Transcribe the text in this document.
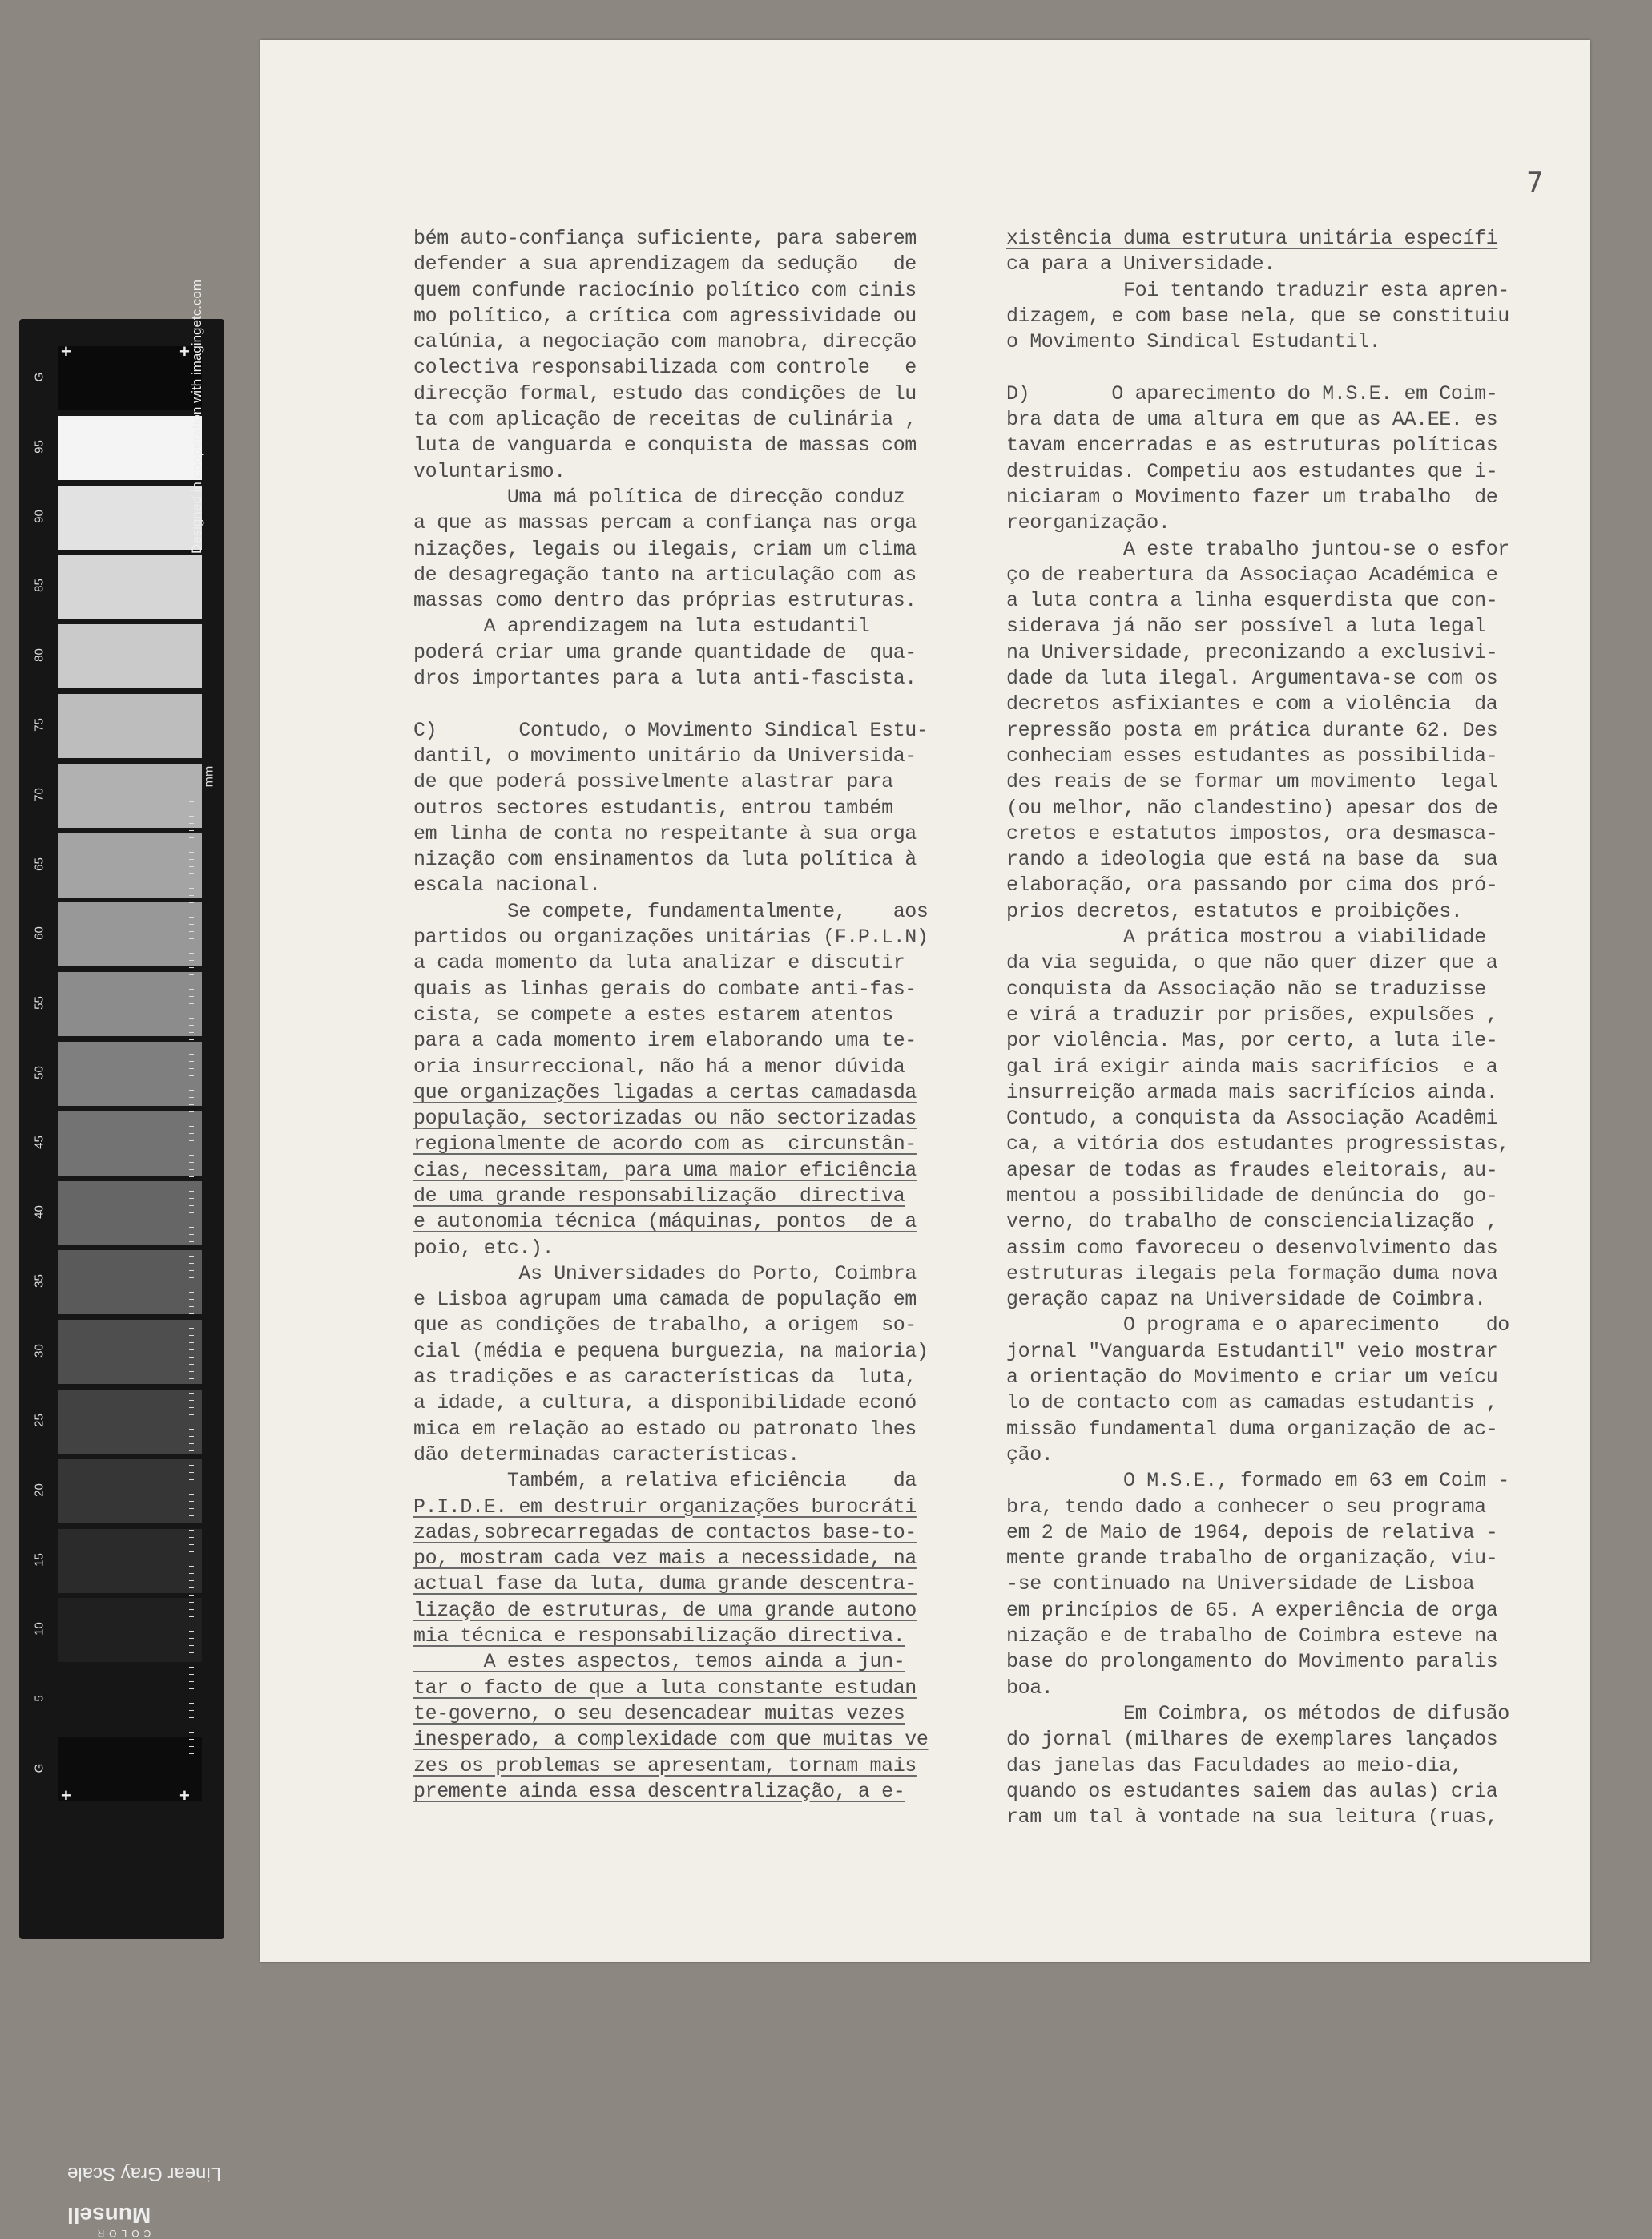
G
95
90
85
80
75
70
65
60
55
50
45
40
35
30
25
20
15
10
5
G
+	+
+	+
Linear Gray Scale
COLOR
Munsell
Designed in cooperation with imagingetc.com
mm
7
bém auto-confiança suficiente, para saberem
defender a sua aprendizagem da sedução   de
quem confunde raciocínio político com cinis
mo político, a crítica com agressividade ou
calúnia, a negociação com manobra, direcção
colectiva responsabilizada com controle   e
direcção formal, estudo das condições de lu
ta com aplicação de receitas de culinária ,
luta de vanguarda e conquista de massas com
voluntarismo.
Uma má política de direcção conduz
a que as massas percam a confiança nas orga
nizações, legais ou ilegais, criam um clima
de desagregação tanto na articulação com as
massas como dentro das próprias estruturas.
A aprendizagem na luta estudantil
poderá criar uma grande quantidade de  qua-
dros importantes para a luta anti-fascista.
C)       Contudo, o Movimento Sindical Estu-
dantil, o movimento unitário da Universida-
de que poderá possivelmente alastrar para
outros sectores estudantis, entrou também
em linha de conta no respeitante à sua orga
nização com ensinamentos da luta política à
escala nacional.
Se compete, fundamentalmente,    aos
partidos ou organizações unitárias (F.P.L.N)
a cada momento da luta analizar e discutir
quais as linhas gerais do combate anti-fas-
cista, se compete a estes estarem atentos
para a cada momento irem elaborando uma te-
oria insurreccional, não há a menor dúvida
que organizações ligadas a certas camadasda
população, sectorizadas ou não sectorizadas
regionalmente de acordo com as  circunstân-
cias, necessitam, para uma maior eficiência
de uma grande responsabilização  directiva
e autonomia técnica (máquinas, pontos  de a
poio, etc.).
As Universidades do Porto, Coimbra
e Lisboa agrupam uma camada de população em
que as condições de trabalho, a origem  so-
cial (média e pequena burguezia, na maioria)
as tradições e as características da  luta,
a idade, a cultura, a disponibilidade econó
mica em relação ao estado ou patronato lhes
dão determinadas características.
Também, a relativa eficiência    da
P.I.D.E. em destruir organizações burocráti
zadas,sobrecarregadas de contactos base-to-
po, mostram cada vez mais a necessidade, na
actual fase da luta, duma grande descentra-
lização de estruturas, de uma grande autono
mia técnica e responsabilização directiva.
A estes aspectos, temos ainda a jun-
tar o facto de que a luta constante estudan
te-governo, o seu desencadear muitas vezes
inesperado, a complexidade com que muitas ve
zes os problemas se apresentam, tornam mais
premente ainda essa descentralização, a e-
xistência duma estrutura unitária específi
ca para a Universidade.
Foi tentando traduzir esta apren-
dizagem, e com base nela, que se constituiu
o Movimento Sindical Estudantil.
D)       O aparecimento do M.S.E. em Coim-
bra data de uma altura em que as AA.EE. es
tavam encerradas e as estruturas políticas
destruidas. Competiu aos estudantes que i-
niciaram o Movimento fazer um trabalho  de
reorganização.
A este trabalho juntou-se o esfor
ço de reabertura da Associaçao Académica e
a luta contra a linha esquerdista que con-
siderava já não ser possível a luta legal
na Universidade, preconizando a exclusivi-
dade da luta ilegal. Argumentava-se com os
decretos asfixiantes e com a violência  da
repressão posta em prática durante 62. Des
conheciam esses estudantes as possibilida-
des reais de se formar um movimento  legal
(ou melhor, não clandestino) apesar dos de
cretos e estatutos impostos, ora desmasca-
rando a ideologia que está na base da  sua
elaboração, ora passando por cima dos pró-
prios decretos, estatutos e proibições.
A prática mostrou a viabilidade
da via seguida, o que não quer dizer que a
conquista da Associação não se traduzisse
e virá a traduzir por prisões, expulsões ,
por violência. Mas, por certo, a luta ile-
gal irá exigir ainda mais sacrifícios  e a
insurreição armada mais sacrifícios ainda.
Contudo, a conquista da Associação Acadêmi
ca, a vitória dos estudantes progressistas,
apesar de todas as fraudes eleitorais, au-
mentou a possibilidade de denúncia do  go-
verno, do trabalho de consciencialização ,
assim como favoreceu o desenvolvimento das
estruturas ilegais pela formação duma nova
geração capaz na Universidade de Coimbra.
O programa e o aparecimento    do
jornal "Vanguarda Estudantil" veio mostrar
a orientação do Movimento e criar um veícu
lo de contacto com as camadas estudantis ,
missão fundamental duma organização de ac-
ção.
O M.S.E., formado em 63 em Coim -
bra, tendo dado a conhecer o seu programa
em 2 de Maio de 1964, depois de relativa -
mente grande trabalho de organização, viu-
-se continuado na Universidade de Lisboa
em princípios de 65. A experiência de orga
nização e de trabalho de Coimbra esteve na
base do prolongamento do Movimento paralis
boa.
Em Coimbra, os métodos de difusão
do jornal (milhares de exemplares lançados
das janelas das Faculdades ao meio-dia,
quando os estudantes saiem das aulas) cria
ram um tal à vontade na sua leitura (ruas,
